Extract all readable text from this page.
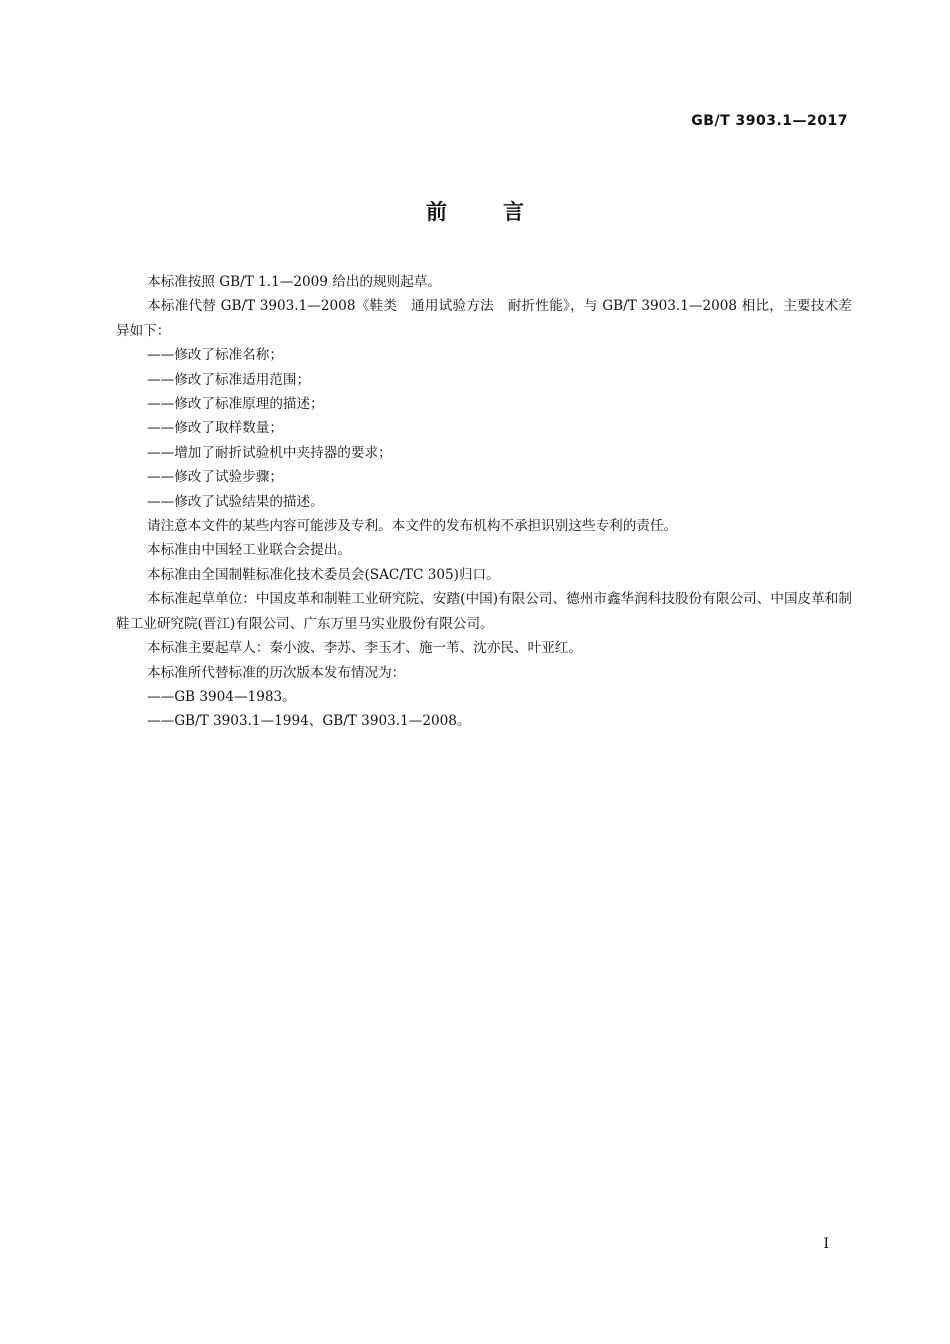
GB/T 3903.1—2017
前	言

本标准按照 GB/T 1.1—2009 给出的规则起草。

本标准代替 GB/T 3903.1—2008《鞋类　通用试验方法　耐折性能》，与 GB/T 3903.1—2008 相比，主要技术差异如下：

——修改了标准名称；

——修改了标准适用范围；

——修改了标准原理的描述；

——修改了取样数量；

——增加了耐折试验机中夹持器的要求；

——修改了试验步骤；

——修改了试验结果的描述。

请注意本文件的某些内容可能涉及专利。本文件的发布机构不承担识别这些专利的责任。

本标准由中国轻工业联合会提出。

本标准由全国制鞋标准化技术委员会(SAC/TC 305)归口。

本标准起草单位：中国皮革和制鞋工业研究院、安踏(中国)有限公司、德州市鑫华润科技股份有限公司、中国皮革和制鞋工业研究院(晋江)有限公司、广东万里马实业股份有限公司。

本标准主要起草人：秦小波、李苏、李玉才、施一苇、沈亦民、叶亚红。

本标准所代替标准的历次版本发布情况为：

——GB 3904—1983。

——GB/T 3903.1—1994、GB/T 3903.1—2008。

I
